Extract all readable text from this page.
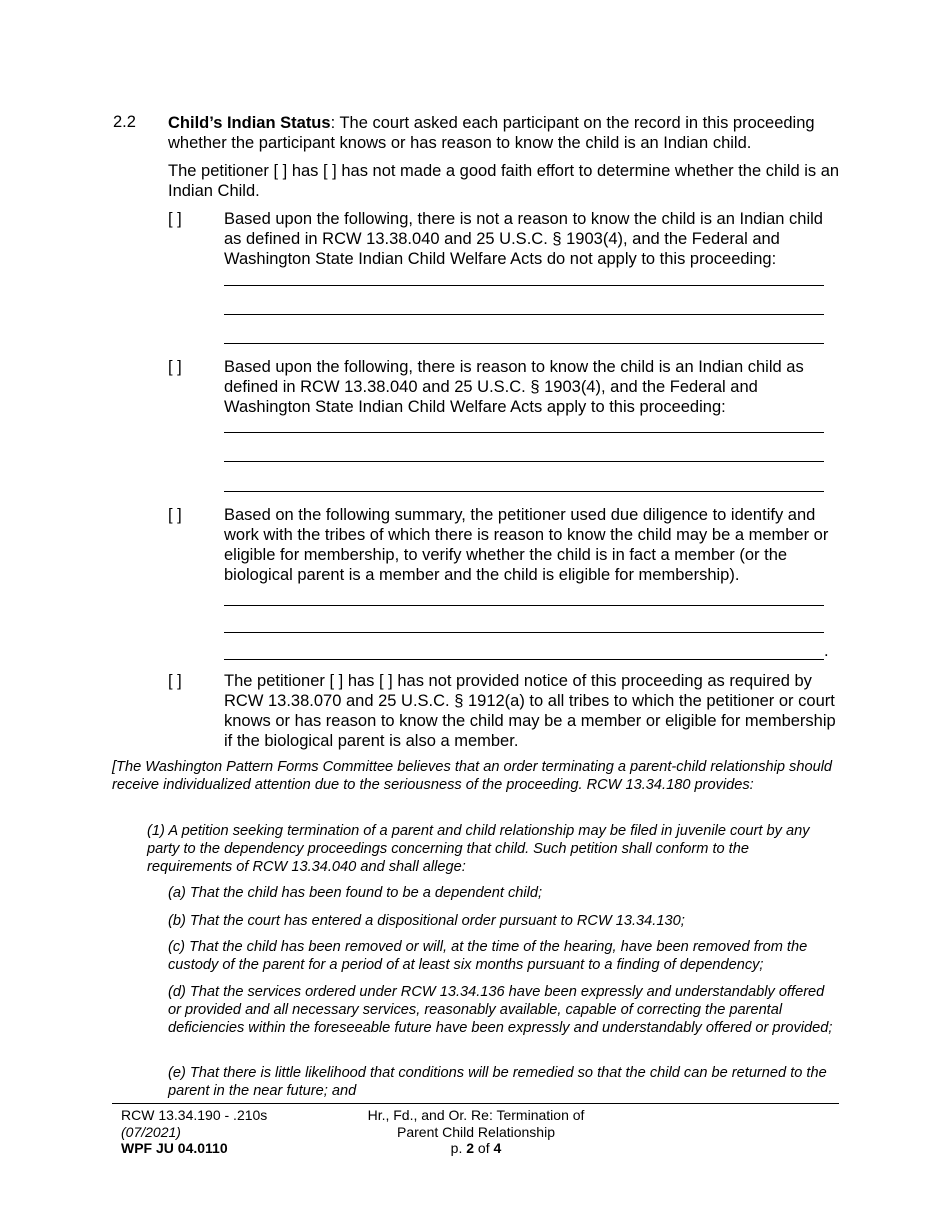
2.2 Child’s Indian Status: The court asked each participant on the record in this proceeding whether the participant knows or has reason to know the child is an Indian child.
The petitioner [ ] has [ ] has not made a good faith effort to determine whether the child is an Indian Child.
[ ]	Based upon the following, there is not a reason to know the child is an Indian child as defined in RCW 13.38.040 and 25 U.S.C. § 1903(4), and the Federal and Washington State Indian Child Welfare Acts do not apply to this proceeding:
[ ]	Based upon the following, there is reason to know the child is an Indian child as defined in RCW 13.38.040 and 25 U.S.C. § 1903(4), and the Federal and Washington State Indian Child Welfare Acts apply to this proceeding:
[ ]	Based on the following summary, the petitioner used due diligence to identify and work with the tribes of which there is reason to know the child may be a member or eligible for membership, to verify whether the child is in fact a member (or the biological parent is a member and the child is eligible for membership).
.
[ ]	The petitioner [ ] has [ ] has not provided notice of this proceeding as required by RCW 13.38.070 and 25 U.S.C. § 1912(a) to all tribes to which the petitioner or court knows or has reason to know the child may be a member or eligible for membership if the biological parent is also a member.
[The Washington Pattern Forms Committee believes that an order terminating a parent-child relationship should receive individualized attention due to the seriousness of the proceeding. RCW 13.34.180 provides:
(1) A petition seeking termination of a parent and child relationship may be filed in juvenile court by any party to the dependency proceedings concerning that child. Such petition shall conform to the requirements of RCW 13.34.040 and shall allege:
(a) That the child has been found to be a dependent child;
(b) That the court has entered a dispositional order pursuant to RCW 13.34.130;
(c) That the child has been removed or will, at the time of the hearing, have been removed from the custody of the parent for a period of at least six months pursuant to a finding of dependency;
(d) That the services ordered under RCW 13.34.136 have been expressly and understandably offered or provided and all necessary services, reasonably available, capable of correcting the parental deficiencies within the foreseeable future have been expressly and understandably offered or provided;
(e) That there is little likelihood that conditions will be remedied so that the child can be returned to the parent in the near future; and
RCW 13.34.190 - .210s
(07/2021)
WPF JU 04.0110
Hr., Fd., and Or. Re: Termination of
Parent Child Relationship
p. 2 of 4
